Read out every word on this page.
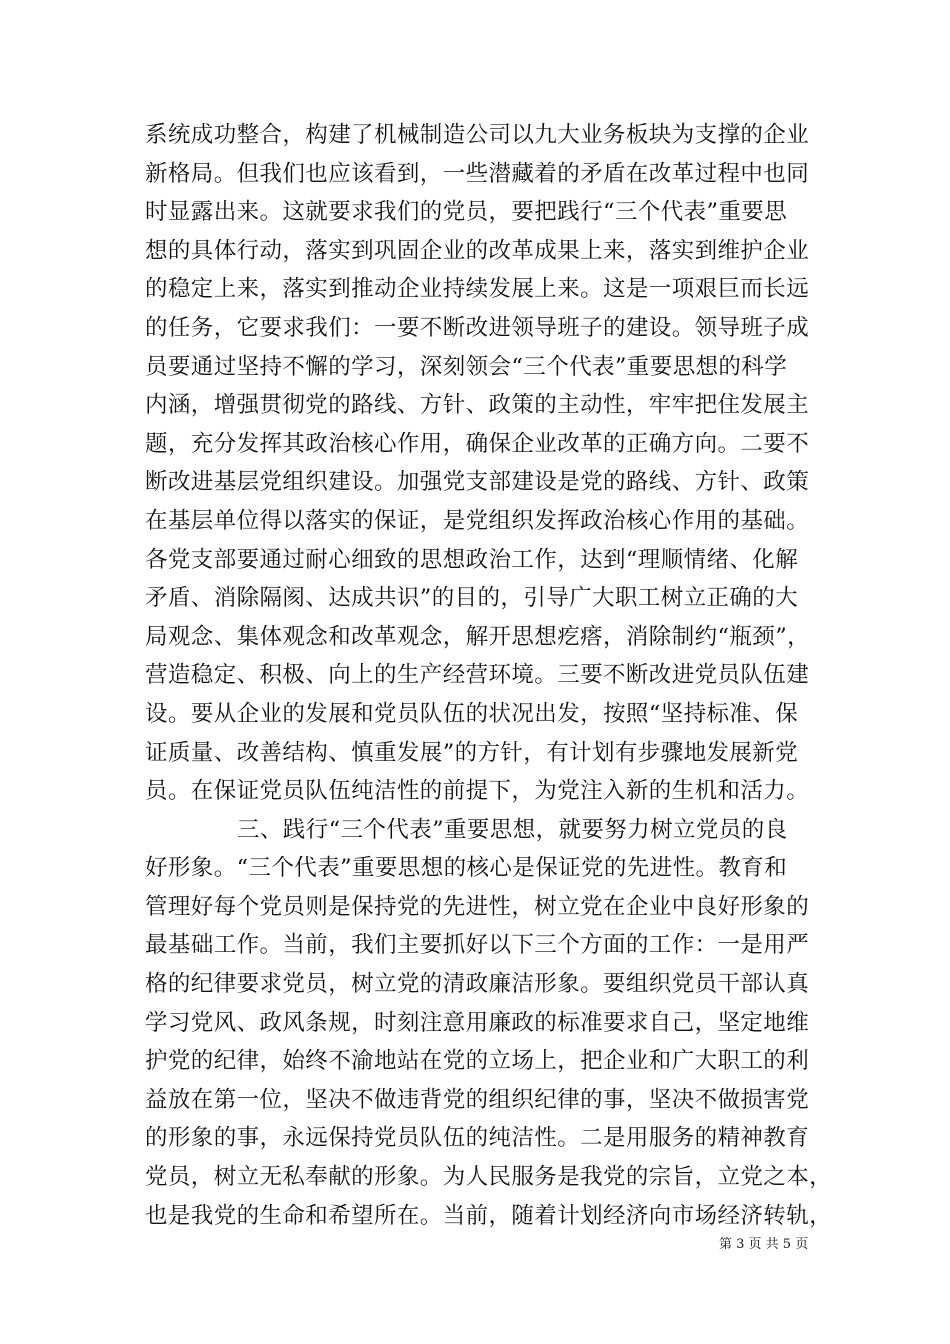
系统成功整合，构建了机械制造公司以九大业务板块为支撑的企业
新格局。但我们也应该看到，一些潜藏着的矛盾在改革过程中也同
时显露出来。这就要求我们的党员，要把践行“三个代表”重要思
想的具体行动，落实到巩固企业的改革成果上来，落实到维护企业
的稳定上来，落实到推动企业持续发展上来。这是一项艰巨而长远
的任务，它要求我们：一要不断改进领导班子的建设。领导班子成
员要通过坚持不懈的学习，深刻领会“三个代表”重要思想的科学
内涵，增强贯彻党的路线、方针、政策的主动性，牢牢把住发展主
题，充分发挥其政治核心作用，确保企业改革的正确方向。二要不
断改进基层党组织建设。加强党支部建设是党的路线、方针、政策
在基层单位得以落实的保证，是党组织发挥政治核心作用的基础。
各党支部要通过耐心细致的思想政治工作，达到“理顺情绪、化解
矛盾、消除隔阂、达成共识”的目的，引导广大职工树立正确的大
局观念、集体观念和改革观念，解开思想疙瘩，消除制约“瓶颈”，
营造稳定、积极、向上的生产经营环境。三要不断改进党员队伍建
设。要从企业的发展和党员队伍的状况出发，按照“坚持标准、保
证质量、改善结构、慎重发展”的方针，有计划有步骤地发展新党
员。在保证党员队伍纯洁性的前提下，为党注入新的生机和活力。
三、践行“三个代表”重要思想，就要努力树立党员的良
好形象。“三个代表”重要思想的核心是保证党的先进性。教育和
管理好每个党员则是保持党的先进性，树立党在企业中良好形象的
最基础工作。当前，我们主要抓好以下三个方面的工作：一是用严
格的纪律要求党员，树立党的清政廉洁形象。要组织党员干部认真
学习党风、政风条规，时刻注意用廉政的标准要求自己，坚定地维
护党的纪律，始终不渝地站在党的立场上，把企业和广大职工的利
益放在第一位，坚决不做违背党的组织纪律的事，坚决不做损害党
的形象的事，永远保持党员队伍的纯洁性。二是用服务的精神教育
党员，树立无私奉献的形象。为人民服务是我党的宗旨，立党之本，
也是我党的生命和希望所在。当前，随着计划经济向市场经济转轨，
第 3 页 共 5 页
